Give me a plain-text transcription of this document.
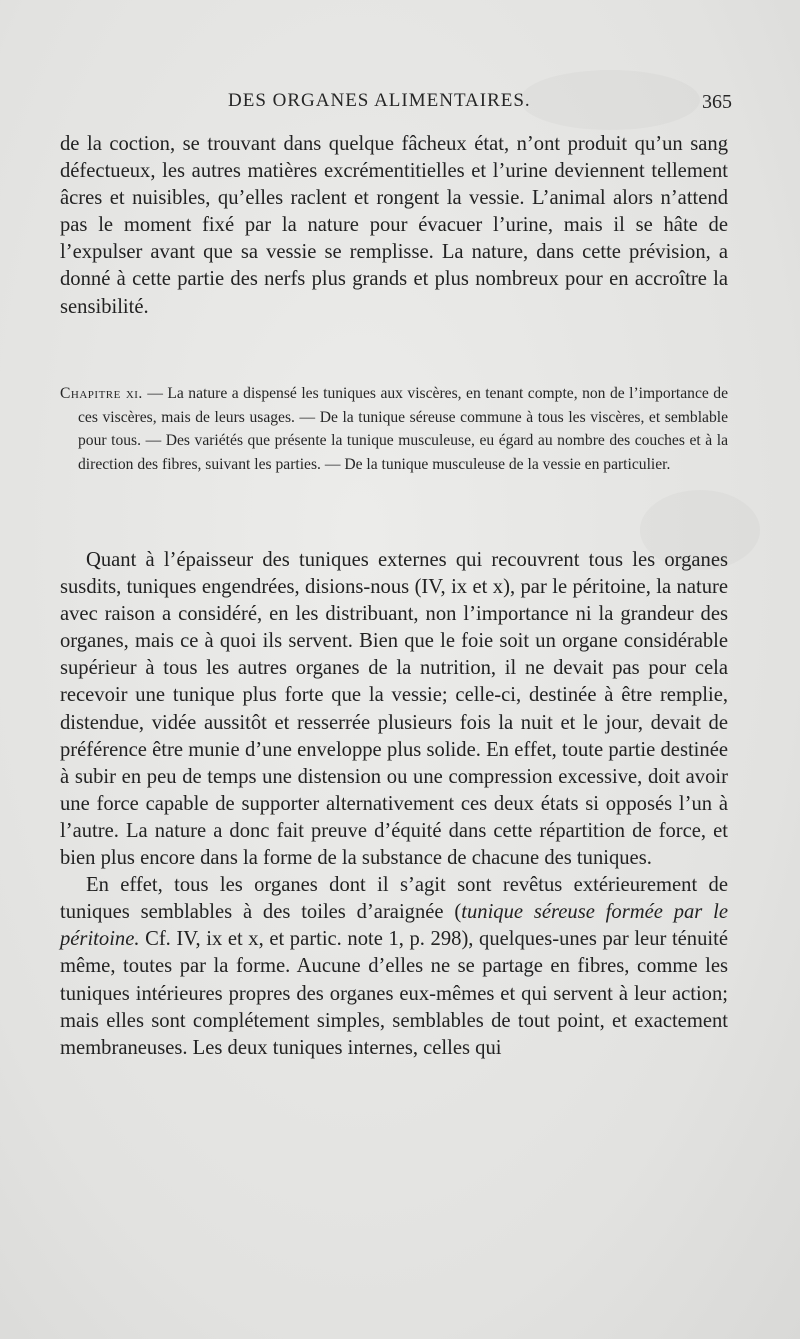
DES ORGANES ALIMENTAIRES.	365

de la coction, se trouvant dans quelque fâcheux état, n’ont produit qu’un sang défectueux, les autres matières excrémentitielles et l’urine deviennent tellement âcres et nuisibles, qu’elles raclent et rongent la vessie. L’animal alors n’attend pas le moment fixé par la nature pour évacuer l’urine, mais il se hâte de l’expulser avant que sa vessie se remplisse. La nature, dans cette prévision, a donné à cette partie des nerfs plus grands et plus nombreux pour en accroître la sensibilité.

Chapitre xi. — La nature a dispensé les tuniques aux viscères, en tenant compte, non de l’importance de ces viscères, mais de leurs usages. — De la tunique séreuse commune à tous les viscères, et semblable pour tous. — Des variétés que présente la tunique musculeuse, eu égard au nombre des couches et à la direction des fibres, suivant les parties. — De la tunique musculeuse de la vessie en particulier.

Quant à l’épaisseur des tuniques externes qui recouvrent tous les organes susdits, tuniques engendrées, disions-nous (IV, ix et x), par le péritoine, la nature avec raison a considéré, en les distribuant, non l’importance ni la grandeur des organes, mais ce à quoi ils servent. Bien que le foie soit un organe considérable supérieur à tous les autres organes de la nutrition, il ne devait pas pour cela recevoir une tunique plus forte que la vessie; celle-ci, destinée à être remplie, distendue, vidée aussitôt et resserrée plusieurs fois la nuit et le jour, devait de préférence être munie d’une enveloppe plus solide. En effet, toute partie destinée à subir en peu de temps une distension ou une compression excessive, doit avoir une force capable de supporter alternativement ces deux états si opposés l’un à l’autre. La nature a donc fait preuve d’équité dans cette répartition de force, et bien plus encore dans la forme de la substance de chacune des tuniques.

En effet, tous les organes dont il s’agit sont revêtus extérieurement de tuniques semblables à des toiles d’araignée (tunique séreuse formée par le péritoine. Cf. IV, ix et x, et partic. note 1, p. 298), quelques-unes par leur ténuité même, toutes par la forme. Aucune d’elles ne se partage en fibres, comme les tuniques intérieures propres des organes eux-mêmes et qui servent à leur action; mais elles sont complétement simples, semblables de tout point, et exactement membraneuses. Les deux tuniques internes, celles qui
